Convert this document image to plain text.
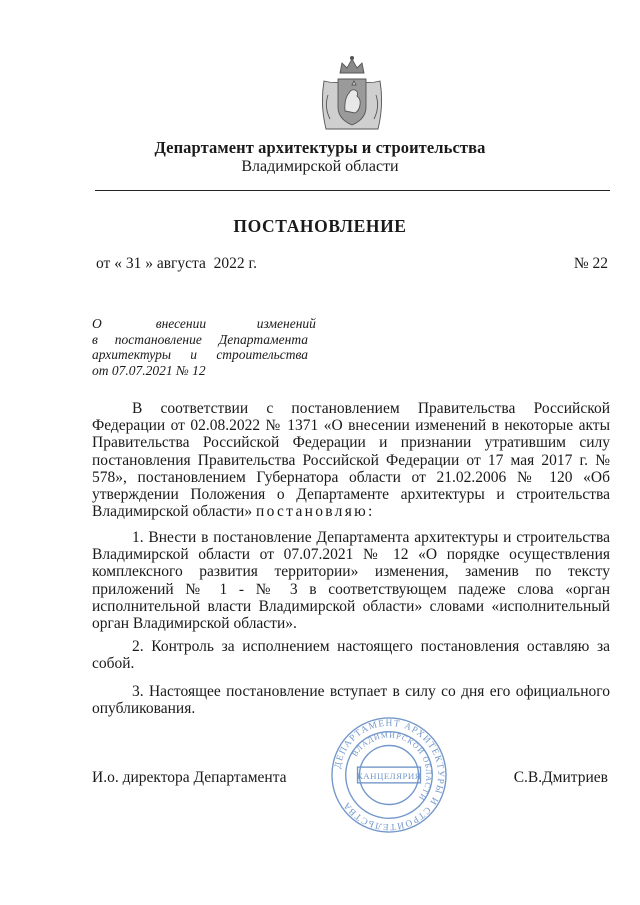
Департамент архитектуры и строительства
Владимирской области
ПОСТАНОВЛЕНИЕ
от « 31 » августа  2022 г.	№ 22
О                внесении               изменений
в постановление Департамента
архитектуры и строительства
от 07.07.2021 № 12

В соответствии с постановлением Правительства Российской Федерации от 02.08.2022 № 1371 «О внесении изменений в некоторые акты Правительства Российской Федерации и признании утратившим силу постановления Правительства Российской Федерации от 17 мая 2017 г. № 578», постановлением Губернатора области от 21.02.2006 № 120 «Об утверждении Положения о Департаменте архитектуры и строительства Владимирской области» постановляю:

1. Внести в постановление Департамента архитектуры и строительства Владимирской области от 07.07.2021 № 12 «О порядке осуществления комплексного развития территории» изменения, заменив по тексту приложений № 1 - № 3 в соответствующем падеже слова «орган исполнительной власти Владимирской области» словами «исполнительный орган Владимирской области».

2. Контроль за исполнением настоящего постановления оставляю за собой.

3. Настоящее постановление вступает в силу со дня его официального опубликования.

И.о. директора Департамента	С.В.Дмитриев
ДЕПАРТАМЕНТ АРХИТЕКТУРЫ И СТРОИТЕЛЬСТВА
ВЛАДИМИРСКОЙ ОБЛАСТИ
КАНЦЕЛЯРИЯ
